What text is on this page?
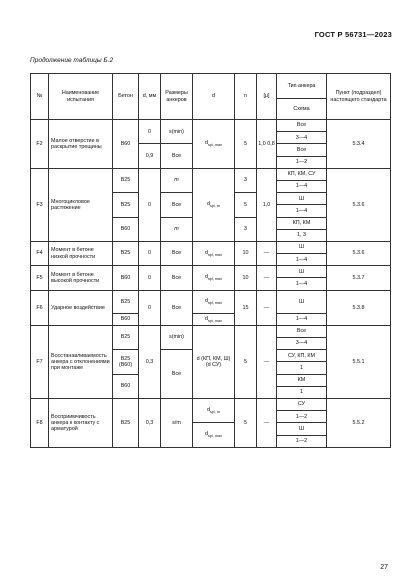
ГОСТ Р 56731—2023
Продолжение таблицы Б.2
№	Наименование испытания	Бетон	d, мм	Размеры анкеров	d	n	[μ]	Тип анкера	Пункт (подраздел) настоящего стандарта
								Схема	
F2	Малое отверстие в раскрытие трещины	В60	0	s(min)	$d_{spl, max}$	5	1,0 0,8	Все	5.3.4
								3—4	
			0,9	Все				Все	
								1—2	
F3	Многоцикловое растяжение	В25	0	m	$d_{spl, m}$	3	1,0	КП, КМ, СУ	5.3.6
								1—4	
		В25		Все		5		Ш	
								1—4	
		В60		m		3		КП, КМ	
								1, 3	
F4	Момент в бетоне низкой прочности	В25	0	Все	$d_{spl, max}$	10	—	Ш	5.3.6
								1—4	
F5	Момент в бетоне высокой прочности	В60	0	Все	$d_{spl, max}$	10	—	Ш	5.3.7
								1—4	
F6	Ударное воздействие	В25	0	Все	$d_{spl, max}$	15	—	Ш	5.3.8
		В60			$d_{spl, max}$			1—4	
F7	Восстанавливаемость анкера с отклонениями при монтаже	В25	0,3	s(min)	d (КП, КМ, Ш) (d СУ)	5	—	Все	5.5.1
								3—4	
		В25 (В60)		Все				СУ, КП, КМ	
								1	
		В60						КМ	
								1	
F8	Восприимчивость анкера к контакту с арматурой	В25	0,3	s/m	$d_{spl, m}$	5	—	СУ	5.5.2
								1—2	
					$d_{spl, max}$			Ш	
								1—2	
27
